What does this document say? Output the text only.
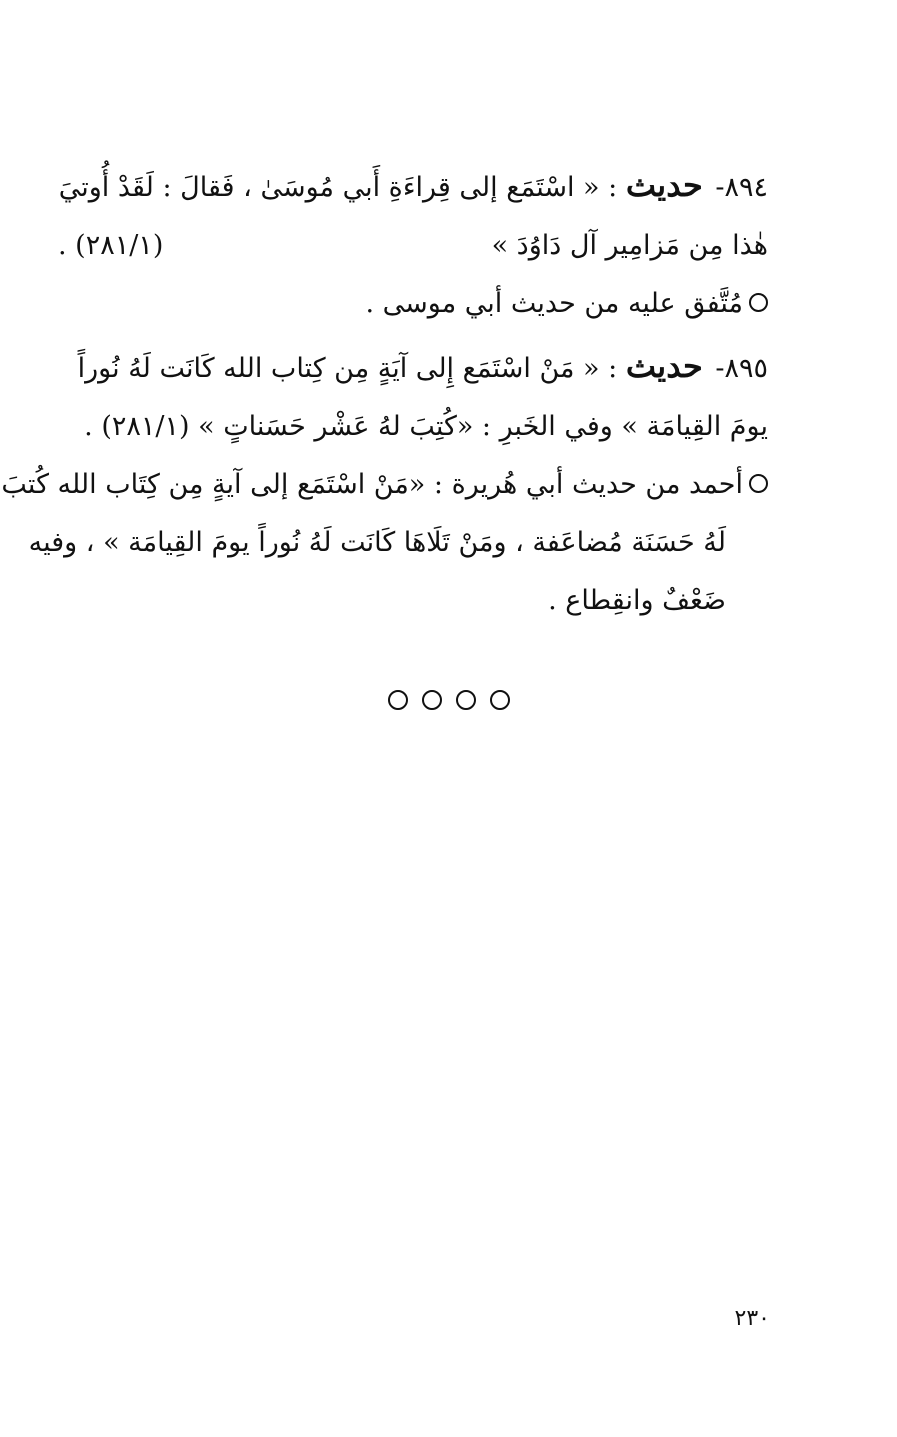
٨٩٤- حديث : « اسْتَمَع إلى قِراءَةِ أَبي مُوسَىٰ ، فَقالَ : لَقَدْ أُوتيَ
هٰذا مِن مَزامِير آل دَاوُدَ »
(٢٨١/١) .
مُتَّفق عليه من حديث أبي موسى .
٨٩٥- حديث : « مَنْ اسْتَمَع إِلى آيَةٍ مِن كِتاب الله كَانَت لَهُ نُوراً
يومَ القِيامَة » وفي الخَبرِ : «كُتِبَ لهُ عَشْر حَسَناتٍ » (٢٨١/١) .
أحمد من حديث أبي هُريرة : «مَنْ اسْتَمَع إلى آيةٍ مِن كِتَاب الله كُتبَ
لَهُ حَسَنَة مُضاعَفة ، ومَنْ تَلَاهَا كَانَت لَهُ نُوراً يومَ القِيامَة » ، وفيه
ضَعْفٌ وانقِطاع .
٢٣٠
